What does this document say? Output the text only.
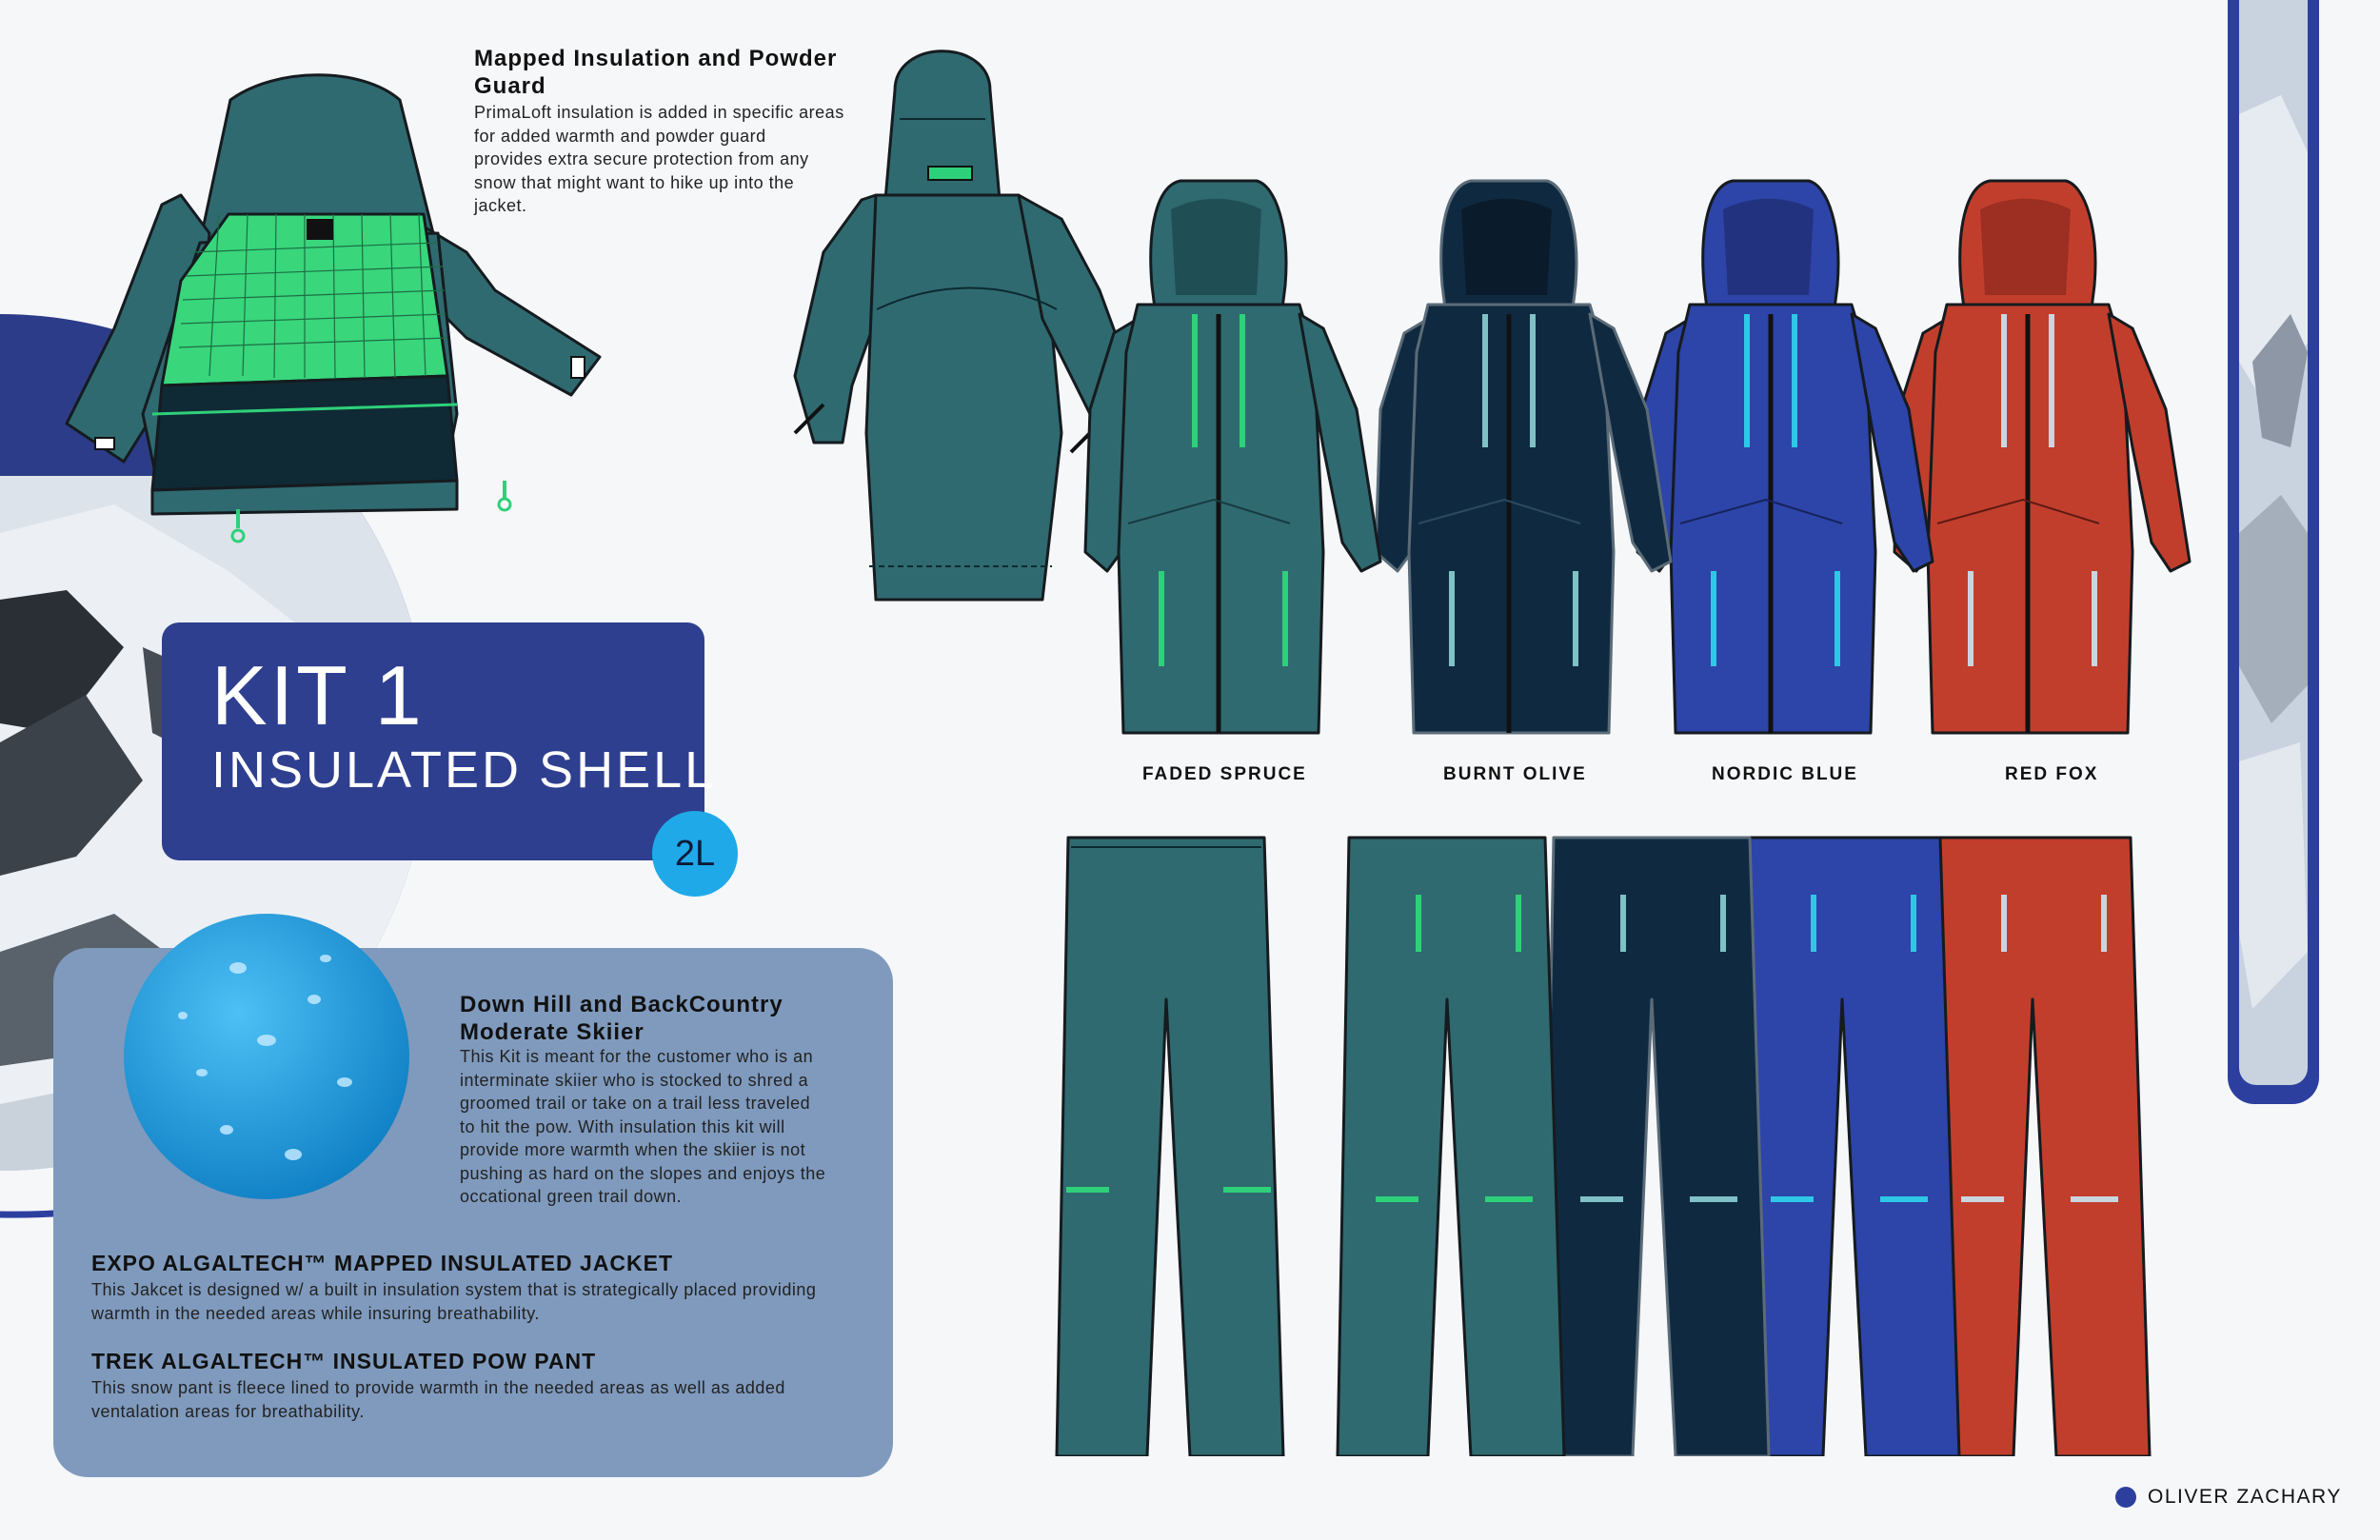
Mapped Insulation and Powder
Guard
PrimaLoft insulation is added in specific areas
for added warmth and powder guard
provides extra secure protection from any
snow that might want to hike up into the
jacket.
KIT 1
INSULATED SHELL
2L
Down Hill and BackCountry
Moderate Skiier
This Kit is meant for the customer who is an
interminate skiier who is stocked to shred a
groomed trail or take on a trail less traveled
to hit the pow. With insulation this kit will
provide more warmth when the skiier is not
pushing as hard on the slopes and enjoys the
occational green trail down.
EXPO ALGALTECH™ MAPPED INSULATED JACKET
This Jakcet is designed w/ a built in insulation system that is strategically placed providing
warmth in the needed areas while insuring breathability.
TREK ALGALTECH™ INSULATED POW PANT
This snow pant is fleece lined to provide warmth in the needed areas as well as added
ventalation areas for breathability.
FADED SPRUCE	BURNT OLIVE	NORDIC BLUE	RED FOX
OLIVER ZACHARY
